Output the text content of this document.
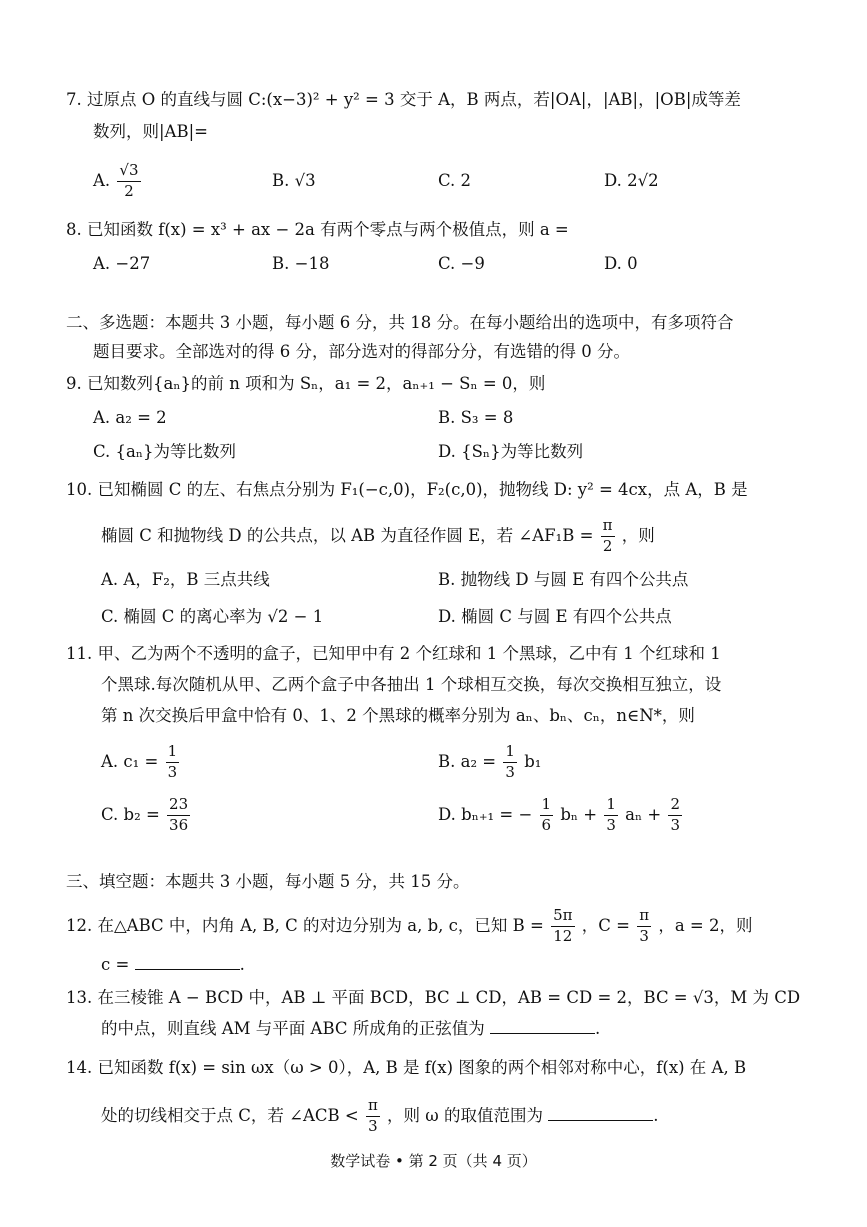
7. 过原点 O 的直线与圆 C:(x−3)² + y² = 3 交于 A，B 两点，若|OA|，|AB|，|OB|成等差
数列，则|AB|=
A. $\frac{√3}{2}$	B. √3	C. 2	D. 2√2
8. 已知函数 f(x) = x³ + ax − 2a 有两个零点与两个极值点，则 a =
A. −27	B. −18	C. −9	D. 0
二、多选题：本题共 3 小题，每小题 6 分，共 18 分。在每小题给出的选项中，有多项符合
题目要求。全部选对的得 6 分，部分选对的得部分分，有选错的得 0 分。
9. 已知数列{aₙ}的前 n 项和为 Sₙ，a₁ = 2，aₙ₊₁ − Sₙ = 0，则
A. a₂ = 2	B. S₃ = 8
C. {aₙ}为等比数列	D. {Sₙ}为等比数列
10. 已知椭圆 C 的左、右焦点分别为 F₁(−c,0)，F₂(c,0)，抛物线 D: y² = 4cx，点 A，B 是
椭圆 C 和抛物线 D 的公共点，以 AB 为直径作圆 E，若 ∠AF₁B = $\frac{\pi}{2}$ ，则
A. A，F₂，B 三点共线	B. 抛物线 D 与圆 E 有四个公共点
C. 椭圆 C 的离心率为 √2 − 1	D. 椭圆 C 与圆 E 有四个公共点
11. 甲、乙为两个不透明的盒子，已知甲中有 2 个红球和 1 个黑球，乙中有 1 个红球和 1
个黑球.每次随机从甲、乙两个盒子中各抽出 1 个球相互交换，每次交换相互独立，设
第 n 次交换后甲盒中恰有 0、1、2 个黑球的概率分别为 aₙ、bₙ、cₙ，n∈N*，则
A. $c_1 = \frac{1}{3}$	B. $a_2 = \frac{1}{3} b_1$
C. $b_2 = \frac{23}{36}$	D. bₙ₊₁ = − $\frac{1}{6}$ $b_n + \frac{1}{3}$ $a_n + \frac{2}{3}$
三、填空题：本题共 3 小题，每小题 5 分，共 15 分。
12. 在△ABC 中，内角 A, B, C 的对边分别为 a, b, c，已知 $B = \frac{5\pi}{12}$ ，$C = \frac{\pi}{3}$ ，a = 2，则
c =	.
13. 在三棱锥 A − BCD 中，AB ⊥ 平面 BCD，BC ⊥ CD，AB = CD = 2，BC = √3，M 为 CD
的中点，则直线 AM 与平面 ABC 所成角的正弦值为	.
14. 已知函数 f(x) = sin ωx（ω > 0），A, B 是 f(x) 图象的两个相邻对称中心，f(x) 在 A, B
处的切线相交于点 C，若 ∠ACB < $\frac{\pi}{3}$ ，则 ω 的取值范围为	.
数学试卷 • 第 2 页（共 4 页）
